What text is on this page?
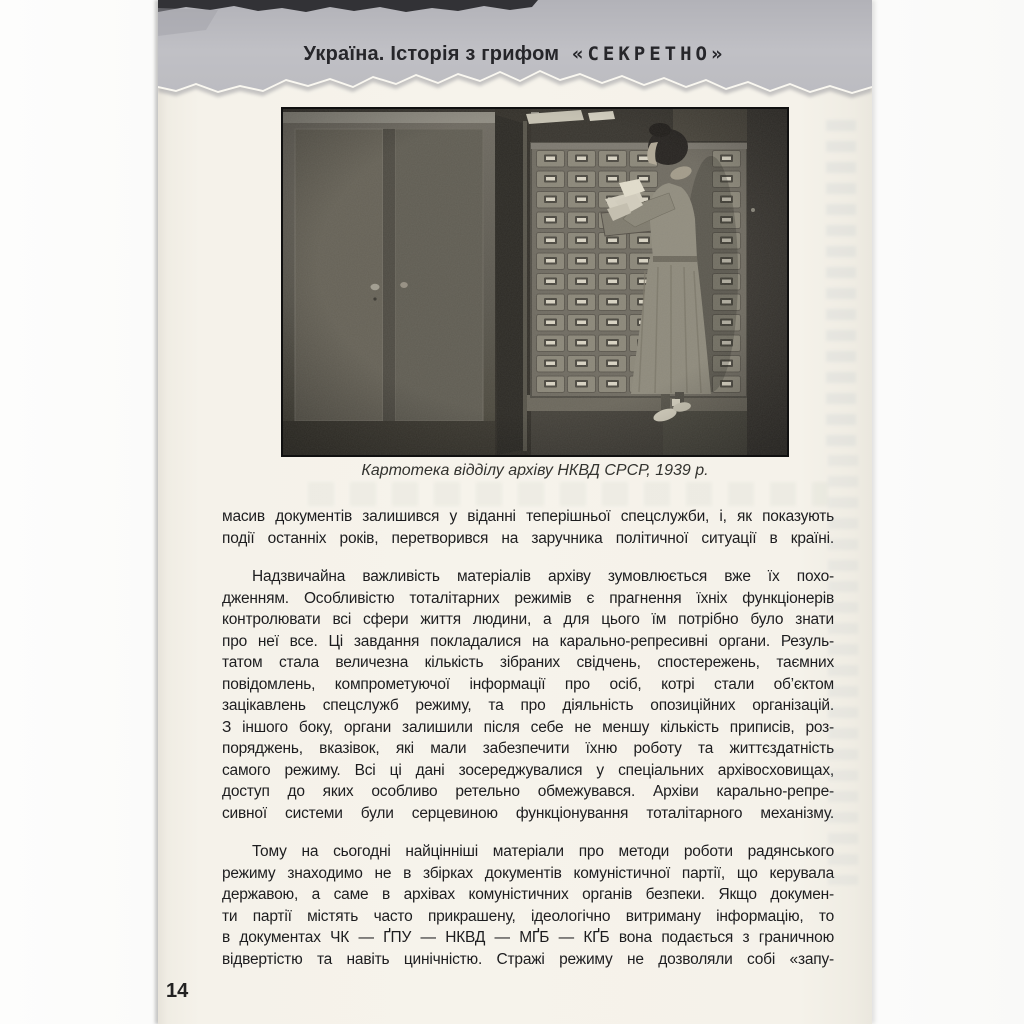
Україна. Історія з грифом «СЕКРЕТНО»
Картотека відділу архіву НКВД СРСР, 1939 р.
масив документів залишився у віданні теперішньої спецслужби, і, як показують
події останніх років, перетворився на заручника політичної ситуації в країні.
Надзвичайна важливість матеріалів архіву зумовлюється вже їх похо-
дженням. Особливістю тоталітарних режимів є прагнення їхніх функціонерів
контролювати всі сфери життя людини, а для цього їм потрібно було знати
про неї все. Ці завдання покладалися на карально-репресивні органи. Резуль-
татом стала величезна кількість зібраних свідчень, спостережень, таємних
повідомлень, компрометуючої інформації про осіб, котрі стали об’єктом
зацікавлень спецслужб режиму, та про діяльність опозиційних організацій.
З іншого боку, органи залишили після себе не меншу кількість приписів, роз-
поряджень, вказівок, які мали забезпечити їхню роботу та життєздатність
самого режиму. Всі ці дані зосереджувалися у спеціальних архівосховищах,
доступ до яких особливо ретельно обмежувався. Архіви карально-репре-
сивної системи були серцевиною функціонування тоталітарного механізму.
Тому на сьогодні найцінніші матеріали про методи роботи радянського
режиму знаходимо не в збірках документів комуністичної партії, що керувала
державою, а саме в архівах комуністичних органів безпеки. Якщо докумен-
ти партії містять часто прикрашену, ідеологічно витриману інформацію, то
в документах ЧК — ҐПУ — НКВД — МҐБ — КҐБ вона подається з граничною
відвертістю та навіть цинічністю. Стражі режиму не дозволяли собі «запу-
14
